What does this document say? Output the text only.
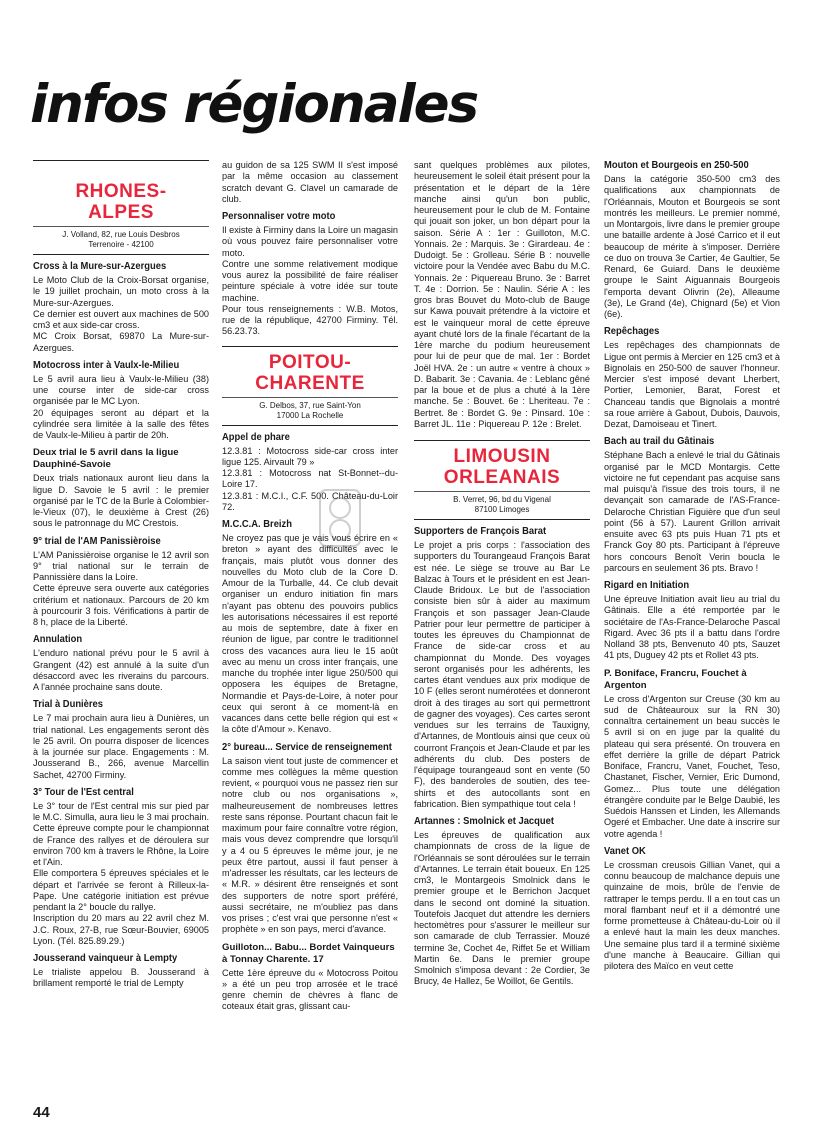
infos régionales
RHONES-
ALPES
J. Volland, 82, rue Louis Desbros
Terrenoire - 42100
Cross à la Mure-sur-Azergues

Le Moto Club de la Croix-Borsat organise, le 19 juillet prochain, un moto cross à la Mure-sur-Azergues.

Ce dernier est ouvert aux machines de 500 cm3 et aux side-car cross.

MC Croix Borsat, 69870 La Mure-sur-Azergues.

Motocross inter à Vaulx-le-Milieu

Le 5 avril aura lieu à Vaulx-le-Milieu (38) une course inter de side-car cross organisée par le MC Lyon.

20 équipages seront au départ et la cylindrée sera limitée à la salle des fêtes de Vaulx-le-Milieu à partir de 20h.

Deux trial le 5 avril dans la ligue Dauphiné-Savoie

Deux trials nationaux auront lieu dans la ligue D. Savoie le 5 avril : le premier organisé par le TC de la Burle à Colombier-le-Vieux (07), le deuxième à Crest (26) sous le patronnage du MC Crestois.

9° trial de l'AM Panissièroise

L'AM Panissièroise organise le 12 avril son 9° trial national sur le terrain de Pannissière dans la Loire.

Cette épreuve sera ouverte aux catégories critérium et nationaux. Parcours de 20 km à pourcourir 3 fois. Vérifications à partir de 8 h, place de la Liberté.

Annulation

L'enduro national prévu pour le 5 avril à Grangent (42) est annulé à la suite d'un désaccord avec les riverains du parcours. A l'année prochaine sans doute.

Trial à Dunières

Le 7 mai prochain aura lieu à Dunières, un trial national. Les engagements seront dès le 25 avril. On pourra disposer de licences à la journée sur place. Engagements : M. Jousserand B., 266, avenue Marcellin Sachet, 42700 Firminy.

3° Tour de l'Est central

Le 3° tour de l'Est central mis sur pied par le M.C. Simulla, aura lieu le 3 mai prochain. Cette épreuve compte pour le championnat de France des rallyes et de déroulera sur environ 700 km à travers le Rhône, la Loire et l'Ain.

Elle comportera 5 épreuves spéciales et le départ et l'arrivée se feront à Rilleux-la-Pape. Une catégorie initiation est prévue pendant la 2° boucle du rallye.

Inscription du 20 mars au 22 avril chez M. J.C. Roux, 27-B, rue Sœur-Bouvier, 69005 Lyon. (Tél. 825.89.29.)

Jousserand vainqueur à Lempty

Le trialiste appelou B. Jousserand à brillament remporté le trial de Lempty

au guidon de sa 125 SWM II s'est imposé par la même occasion au classement scratch devant G. Clavel un camarade de club.

Personnaliser votre moto

Il existe à Firminy dans la Loire un magasin où vous pouvez faire personnaliser votre moto.

Contre une somme relativement modique vous aurez la possibilité de faire réaliser peinture spéciale à votre idée sur toute machine.

Pour tous renseignements : W.B. Motos, rue de la république, 42700 Firminy. Tél. 56.23.73.

POITOU-
CHARENTE
G. Delbos, 37, rue Saint-Yon
17000 La Rochelle
Appel de phare

12.3.81 : Motocross side-car cross inter ligue 125. Airvault 79 »

12.3.81 : Motocross nat St-Bonnet--du-Loire 17.

12.3.81 : M.C.I., C.F. 500. Château-du-Loir 72.

M.C.C.A. Breizh

Ne croyez pas que je vais vous écrire en « breton » ayant des difficultés avec le français, mais plutôt vous donner des nouvelles du Moto club de la Core D. Amour de la Turballe, 44. Ce club devait organiser un enduro initiation fin mars n'ayant pas obtenu des pouvoirs publics les autorisations nécessaires il est reporté au mois de septembre, date à fixer en réunion de ligue, par contre le traditionnel cross des vacances aura lieu le 15 août avec au menu un cross inter français, une manche du trophée inter ligue 250/500 qui opposera les équipes de Bretagne, Normandie et Pays-de-Loire, à noter pour ceux qui seront à ce moment-là en vacances dans cette belle région qui est « la côte d'Amour ». Kenavo.

2° bureau... Service de renseignement

La saison vient tout juste de commencer et comme mes collègues la même question revient, « pourquoi vous ne passez rien sur notre club ou nos organisations », malheureusement de nombreuses lettres reste sans réponse. Pourtant chacun fait le maximum pour faire connaître votre région, mais vous devez comprendre que lorsqu'il y a 4 ou 5 épreuves le même jour, je ne peux être partout, aussi il faut penser à m'adresser les résultats, car les lecteurs de « M.R. » désirent être renseignés et sont des supporters de notre sport préféré, aussi secrétaire, ne m'oubliez pas dans vos prises ; c'est vrai que personne n'est « prophète » en son pays, merci d'avance.

Guilloton... Babu... Bordet Vainqueurs à Tonnay Charente. 17

Cette 1ère épreuve du « Motocross Poitou » a été un peu trop arrosée et le tracé genre chemin de chèvres à flanc de coteaux était gras, glissant cau-

sant quelques problèmes aux pilotes, heureusement le soleil était présent pour la présentation et le départ de la 1ère manche ainsi qu'un bon public, heureusement pour le club de M. Fontaine qui jouait son joker, un bon départ pour la saison. Série A : 1er : Guilloton, M.C. Yonnais. 2e : Marquis. 3e : Girardeau. 4e : Dudoigt. 5e : Grolleau. Série B : nouvelle victoire pour la Vendée avec Babu du M.C. Yonnais. 2e : Piquereau Bruno. 3e : Barret T. 4e : Dorrion. 5e : Naulin. Série A : les gros bras Bouvet du Moto-club de Bauge sur Kawa pouvait prétendre à la victoire et est le vainqueur moral de cette épreuve ayant chuté lors de la finale l'écartant de la 1ère marche du podium heureusement pour lui de peur que de mal. 1er : Bordet Joël HVA. 2e : un autre « ventre à choux » D. Babarit. 3e : Cavania. 4e : Leblanc gêné par la boue et de plus a chuté à la 1ère manche. 5e : Bouvet. 6e : Lheriteau. 7e : Bertret. 8e : Bordet G. 9e : Pinsard. 10e : Barret JL. 11e : Piquereau P. 12e : Brelet.

LIMOUSIN
ORLEANAIS
B. Verret, 96, bd du Vigenal
87100 Limoges
Supporters de François Barat

Le projet a pris corps : l'association des supporters du Tourangeaud François Barat est née. Le siège se trouve au Bar Le Balzac à Tours et le président en est Jean-Claude Bridoux. Le but de l'association consiste bien sûr à aider au maximum François et son passager Jean-Claude Patrier pour leur permettre de participer à toutes les épreuves du Championnat de France de side-car cross et au championnat du Monde. Des voyages seront organisés pour les adhérents, les cartes étant vendues aux prix modique de 10 F (elles seront numérotées et donneront droit à des tirages au sort qui permettront de gagner des voyages). Ces cartes seront vendues sur les terrains de Tauxigny, d'Artannes, de Montlouis ainsi que ceux où courront François et Jean-Claude et par les adhérents du club. Des posters de l'équipage tourangeaud sont en vente (50 F), des banderoles de soutien, des tee-shirts et des autocollants sont en fabrication. Bien sympathique tout cela !

Artannes : Smolnick et Jacquet

Les épreuves de qualification aux championnats de cross de la ligue de l'Orléannais se sont déroulées sur le terrain d'Artannes. Le terrain était boueux. En 125 cm3, le Montargeois Smolnick dans le premier groupe et le Berrichon Jacquet dans le second ont dominé la situation. Toutefois Jacquet dut attendre les derniers hectomètres pour s'assurer le meilleur sur son camarade de club Terrassier. Mouzé termine 3e, Cochet 4e, Riffet 5e et William Martin 6e. Dans le premier groupe Smolnich s'imposa devant : 2e Cordier, 3e Brucy, 4e Hallez, 5e Woillot, 6e Gentils.

Mouton et Bourgeois en 250-500

Dans la catégorie 350-500 cm3 des qualifications aux championnats de l'Orléannais, Mouton et Bourgeois se sont montrés les meilleurs. Le premier nommé, un Montargois, livre dans le premier groupe une bataille ardente à José Carrico et il eut beaucoup de mérite à s'imposer. Derrière ce duo on trouva 3e Cartier, 4e Gaultier, 5e Renard, 6e Guiard. Dans le deuxième groupe le Saint Aiguannais Bourgeois l'emporta devant Olivrin (2e), Alleaume (3e), Le Grand (4e), Chignard (5e) et Vion (6e).

Repêchages

Les repêchages des championnats de Ligue ont permis à Mercier en 125 cm3 et à Bignolais en 250-500 de sauver l'honneur. Mercier s'est imposé devant Lherbert, Portier, Lemonier, Barat, Forest et Chanceau tandis que Bignolais a montré sa roue arrière à Gabout, Dubois, Dauvois, Dezat, Damoiseau et Tinert.

Bach au trail du Gâtinais

Stéphane Bach a enlevé le trial du Gâtinais organisé par le MCD Montargis. Cette victoire ne fut cependant pas acquise sans mal puisqu'à l'issue des trois tours, il ne devançait son camarade de l'AS-France-Delaroche Christian Figuière que d'un seul point (56 à 57). Laurent Grillon arrivait ensuite avec 63 pts puis Huan 71 pts et Franck Goy 80 pts. Participant à l'épreuve hors concours Benoît Verin boucla le parcours en seulement 36 pts. Bravo !

Rigard en Initiation

Une épreuve Initiation avait lieu au trial du Gâtinais. Elle a été remportée par le sociétaire de l'As-France-Delaroche Pascal Rigard. Avec 36 pts il a battu dans l'ordre Nolland 38 pts, Benvenuto 40 pts, Sauzet 41 pts, Duguey 42 pts et Rollet 43 pts.

P. Boniface, Francru, Fouchet à Argenton

Le cross d'Argenton sur Creuse (30 km au sud de Châteauroux sur la RN 30) connaîtra certainement un beau succès le 5 avril si on en juge par la qualité du plateau qui sera présenté. On trouvera en effet derrière la grille de départ Patrick Boniface, Francru, Vanet, Fouchet, Teso, Chastanet, Fischer, Vernier, Eric Dumond, Gomez... Plus toute une délégation étrangère conduite par le Belge Daubié, les Suédois Hanssen et Linden, les Allemands Ogeré et Embacher. Une date à inscrire sur votre agenda !

Vanet OK

Le crossman creusois Gillian Vanet, qui a connu beaucoup de malchance depuis une quinzaine de mois, brûle de l'envie de rattraper le temps perdu. Il a en tout cas un moral flambant neuf et il a démontré une forme prometteuse à Château-du-Loir où il a enlevé haut la main les deux manches. Une semaine plus tard il a terminé sixième d'une manche à Beaucaire. Gillian qui pilotera des Maïco en veut cette

44
